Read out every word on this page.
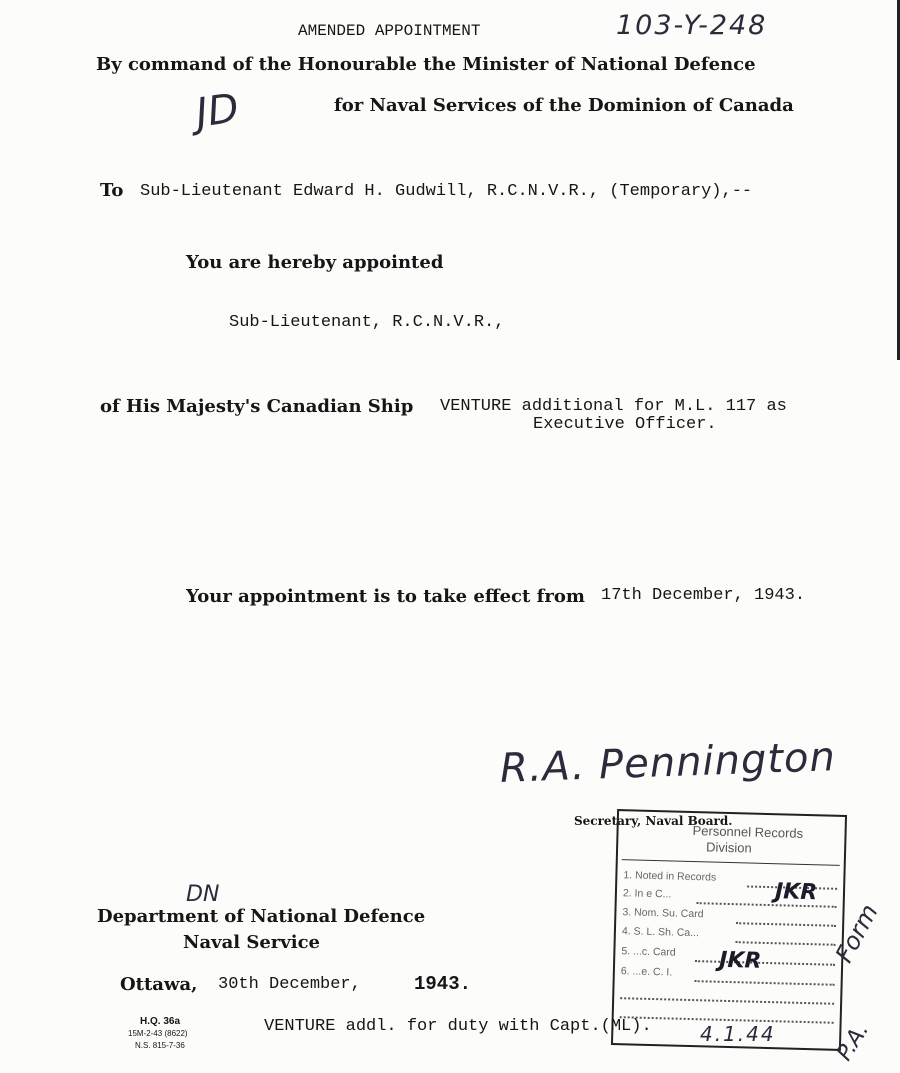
AMENDED APPOINTMENT	103-Y-248
By command of the Honourable the Minister of National Defence
for Naval Services of the Dominion of Canada
JD
To Sub-Lieutenant Edward H. Gudwill, R.C.N.V.R., (Temporary),--
You are hereby appointed
Sub-Lieutenant, R.C.N.V.R.,
of His Majesty's Canadian Ship VENTURE additional for M.L. 117 as
Executive Officer.
Your appointment is to take effect from 17th December, 1943.
R.A. Pennington
Secretary, Naval Board.
Personnel Records
Division
1. Noted in Records
2. In e C...
3. Nom. Su. Card
4. S. L. Sh. Ca...
5. ...c. Card
6. ...e. C. I.
JKR
JKR
DN
Department of National Defence
Naval Service
Ottawa, 30th December,	1943.
H.Q. 36a
15M-2-43 (8622)
N.S. 815-7-36
VENTURE addl. for duty with Capt.(ML). 4.1.44
Form
P.A.
